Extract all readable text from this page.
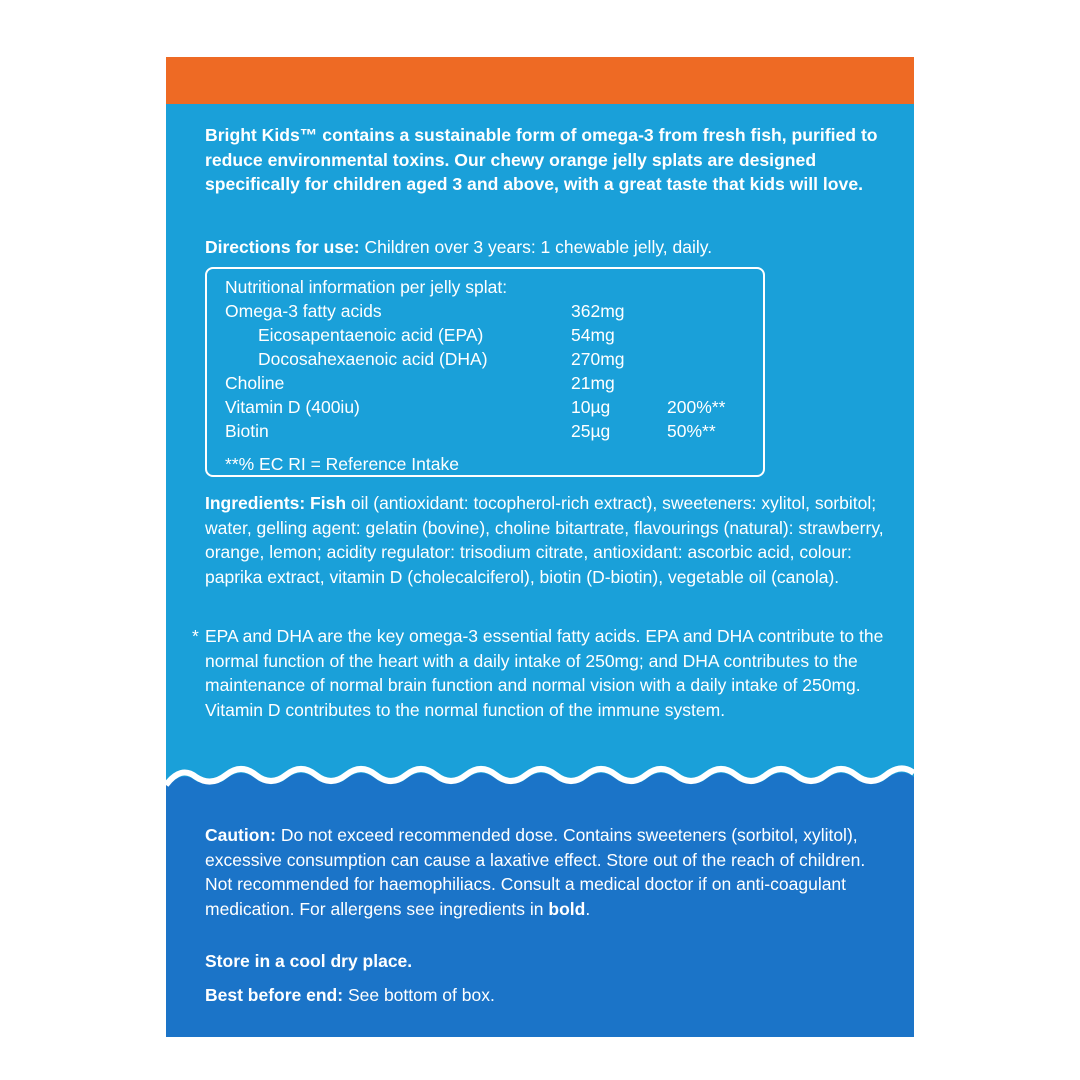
Bright Kids™ contains a sustainable form of omega-3 from fresh fish, purified to reduce environmental toxins. Our chewy orange jelly splats are designed specifically for children aged 3 and above, with a great taste that kids will love.
Directions for use: Children over 3 years: 1 chewable jelly, daily.
Nutritional information per jelly splat:
Omega-3 fatty acids	362mg
Eicosapentaenoic acid (EPA)	54mg
Docosahexaenoic acid (DHA)	270mg
Choline	21mg
Vitamin D (400iu)	10µg	200%**
Biotin	25µg	50%**
**% EC RI = Reference Intake
Ingredients: Fish oil (antioxidant: tocopherol-rich extract), sweeteners: xylitol, sorbitol; water, gelling agent: gelatin (bovine), choline bitartrate, flavourings (natural): strawberry, orange, lemon; acidity regulator: trisodium citrate, antioxidant: ascorbic acid, colour: paprika extract, vitamin D (cholecalciferol), biotin (D-biotin), vegetable oil (canola).
* EPA and DHA are the key omega-3 essential fatty acids. EPA and DHA contribute to the normal function of the heart with a daily intake of 250mg; and DHA contributes to the maintenance of normal brain function and normal vision with a daily intake of 250mg. Vitamin D contributes to the normal function of the immune system.
Caution: Do not exceed recommended dose. Contains sweeteners (sorbitol, xylitol), excessive consumption can cause a laxative effect. Store out of the reach of children. Not recommended for haemophiliacs. Consult a medical doctor if on anti-coagulant medication. For allergens see ingredients in bold.
Store in a cool dry place.
Best before end: See bottom of box.
